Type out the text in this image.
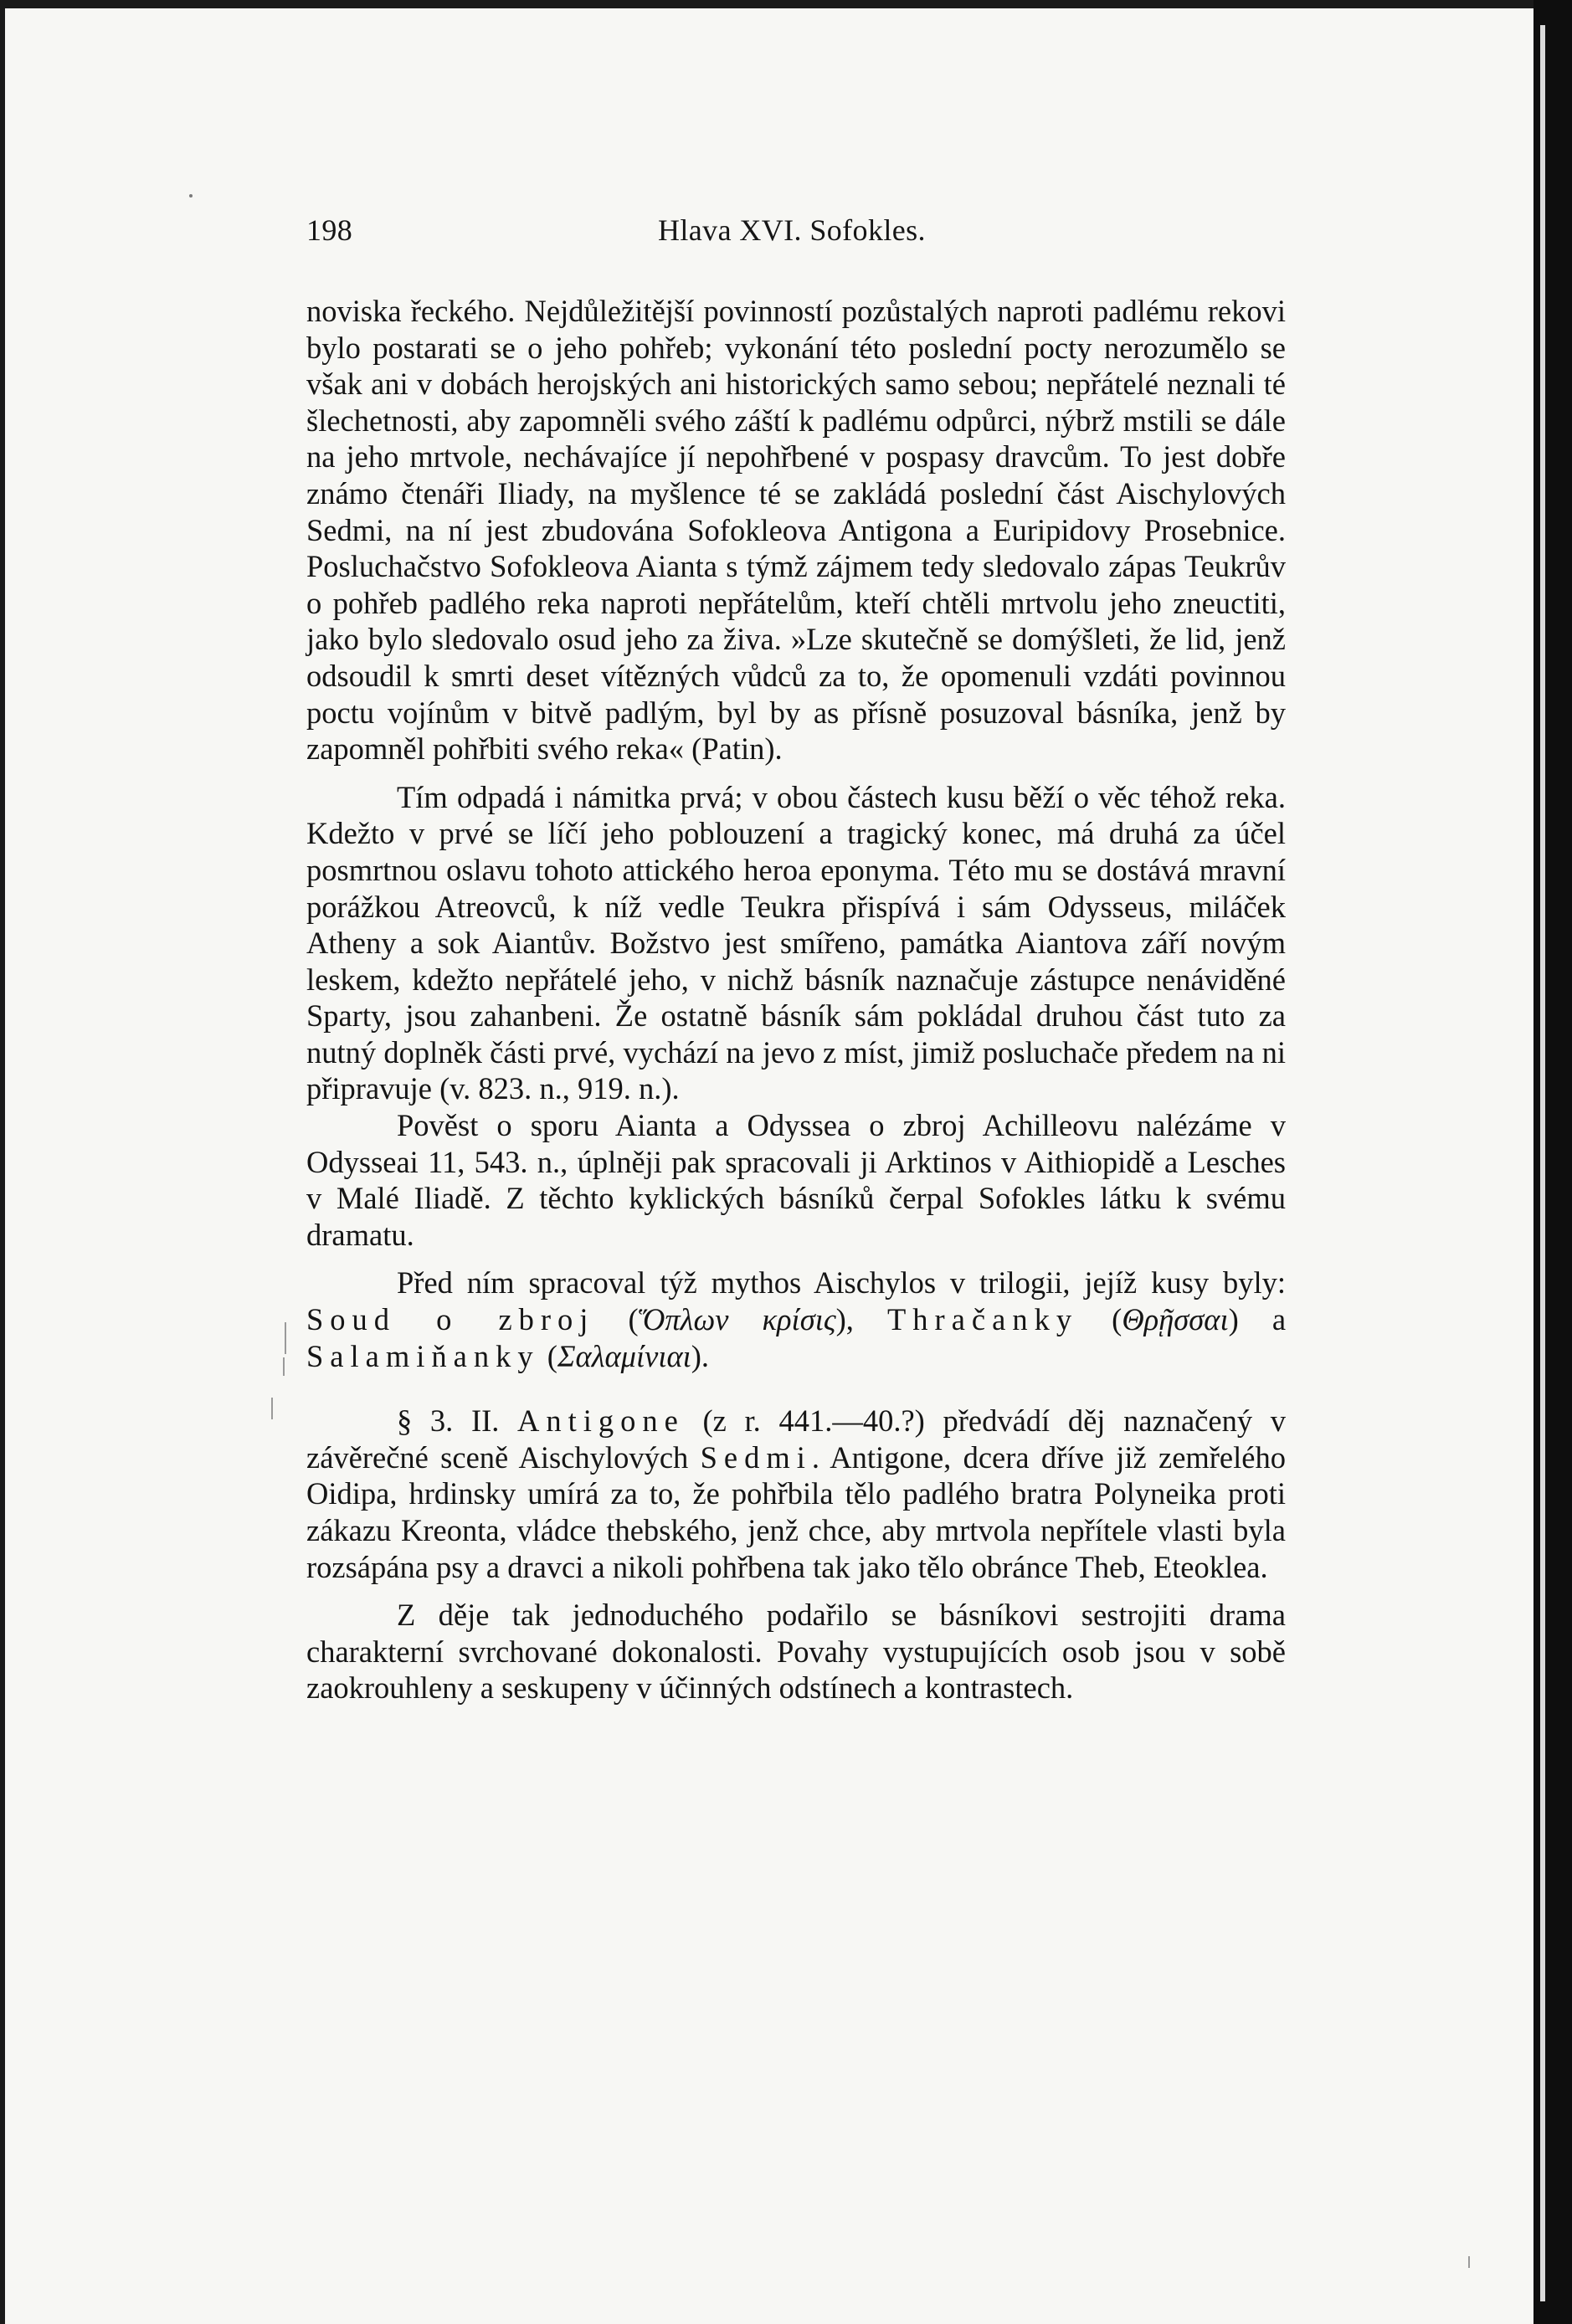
198	Hlava XVI. Sofokles.

noviska řeckého. Nejdůležitější povinností pozůstalých naproti padlému rekovi bylo postarati se o jeho pohřeb; vykonání této poslední pocty nerozumělo se však ani v dobách herojských ani historických samo sebou; nepřátelé neznali té šlechetnosti, aby zapomněli svého záští k padlému odpůrci, nýbrž mstili se dále na jeho mrtvole, nechávajíce jí nepohřbené v pospasy dravcům. To jest dobře známo čtenáři Iliady, na myšlence té se zakládá poslední část Aischylových Sedmi, na ní jest zbudována Sofokleova Antigona a Euripidovy Prosebnice. Posluchačstvo Sofokleova Aianta s týmž zájmem tedy sledovalo zápas Teukrův o pohřeb padlého reka naproti nepřátelům, kteří chtěli mrtvolu jeho zneuctiti, jako bylo sledovalo osud jeho za živa. »Lze skutečně se domýšleti, že lid, jenž odsoudil k smrti deset vítězných vůdců za to, že opomenuli vzdáti povinnou poctu vojínům v bitvě padlým, byl by as přísně posuzoval básníka, jenž by zapomněl pohřbiti svého reka« (Patin).

Tím odpadá i námitka prvá; v obou částech kusu běží o věc téhož reka. Kdežto v prvé se líčí jeho poblouzení a tragický konec, má druhá za účel posmrtnou oslavu tohoto attického heroa eponyma. Této mu se dostává mravní porážkou Atreovců, k níž vedle Teukra přispívá i sám Odysseus, miláček Atheny a sok Aiantův. Božstvo jest smířeno, památka Aiantova září novým leskem, kdežto nepřátelé jeho, v nichž básník naznačuje zástupce nenáviděné Sparty, jsou zahanbeni. Že ostatně básník sám pokládal druhou část tuto za nutný doplněk části prvé, vychází na jevo z míst, jimiž posluchače předem na ni připravuje (v. 823. n., 919. n.).

Pověst o sporu Aianta a Odyssea o zbroj Achilleovu nalézáme v Odysseai 11, 543. n., úplněji pak spracovali ji Arktinos v Aithiopidě a Lesches v Malé Iliadě. Z těchto kyklických básníků čerpal Sofokles látku k svému dramatu.

Před ním spracoval týž mythos Aischylos v trilogii, jejíž kusy byly: Soud o zbroj (Ὅπλων κρίσις), Thračanky (Θρῇσσαι) a Salamiňanky (Σαλαμίνιαι).

§ 3. II. Antigone (z r. 441.—40.?) předvádí děj naznačený v závěrečné sceně Aischylových Sedmi. Antigone, dcera dříve již zemřelého Oidipa, hrdinsky umírá za to, že pohřbila tělo padlého bratra Polyneika proti zákazu Kreonta, vládce thebského, jenž chce, aby mrtvola nepřítele vlasti byla rozsápána psy a dravci a nikoli pohřbena tak jako tělo obránce Theb, Eteoklea.

Z děje tak jednoduchého podařilo se básníkovi sestrojiti drama charakterní svrchované dokonalosti. Povahy vystupujících osob jsou v sobě zaokrouhleny a seskupeny v účinných odstínech a kontrastech.
